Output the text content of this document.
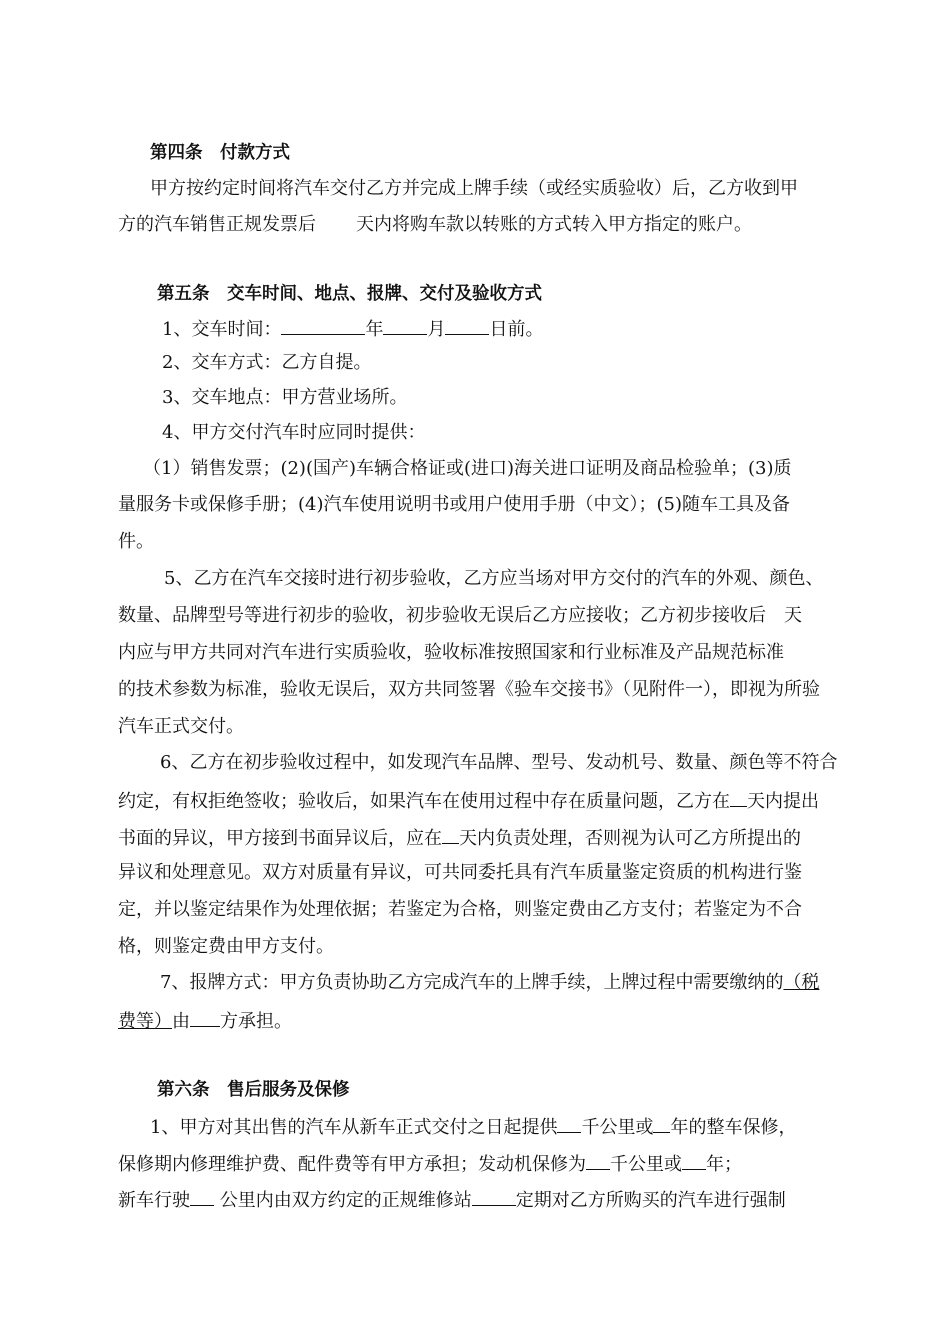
第四条　付款方式
甲方按约定时间将汽车交付乙方并完成上牌手续（或经实质验收）后，乙方收到甲
方的汽车销售正规发票后 天内将购车款以转账的方式转入甲方指定的账户。
第五条　交车时间、地点、报牌、交付及验收方式
1、交车时间：	年 月 日前。
2、交车方式：乙方自提。
3、交车地点：甲方营业场所。
4、甲方交付汽车时应同时提供：
（1）销售发票；(2)(国产)车辆合格证或(进口)海关进口证明及商品检验单；(3)质
量服务卡或保修手册；(4)汽车使用说明书或用户使用手册（中文）；(5)随车工具及备
件。
5、乙方在汽车交接时进行初步验收，乙方应当场对甲方交付的汽车的外观、颜色、
数量、品牌型号等进行初步的验收，初步验收无误后乙方应接收；乙方初步接收后　天
内应与甲方共同对汽车进行实质验收，验收标准按照国家和行业标准及产品规范标准
的技术参数为标准，验收无误后，双方共同签署《验车交接书》（见附件一），即视为所验
汽车正式交付。
6、乙方在初步验收过程中，如发现汽车品牌、型号、发动机号、数量、颜色等不符合
约定，有权拒绝签收；验收后，如果汽车在使用过程中存在质量问题，乙方在 天内提出
书面的异议，甲方接到书面异议后，应在 天内负责处理，否则视为认可乙方所提出的
异议和处理意见。双方对质量有异议，可共同委托具有汽车质量鉴定资质的机构进行鉴
定，并以鉴定结果作为处理依据；若鉴定为合格，则鉴定费由乙方支付；若鉴定为不合
格，则鉴定费由甲方支付。
7、报牌方式：甲方负责协助乙方完成汽车的上牌手续，上牌过程中需要缴纳的（税
费等）由 方承担。
第六条　售后服务及保修
1、甲方对其出售的汽车从新车正式交付之日起提供 千公里或 年的整车保修，
保修期内修理维护费、配件费等有甲方承担；发动机保修为 千公里或 年；
新车行驶 公里内由双方约定的正规维修站 定期对乙方所购买的汽车进行强制
